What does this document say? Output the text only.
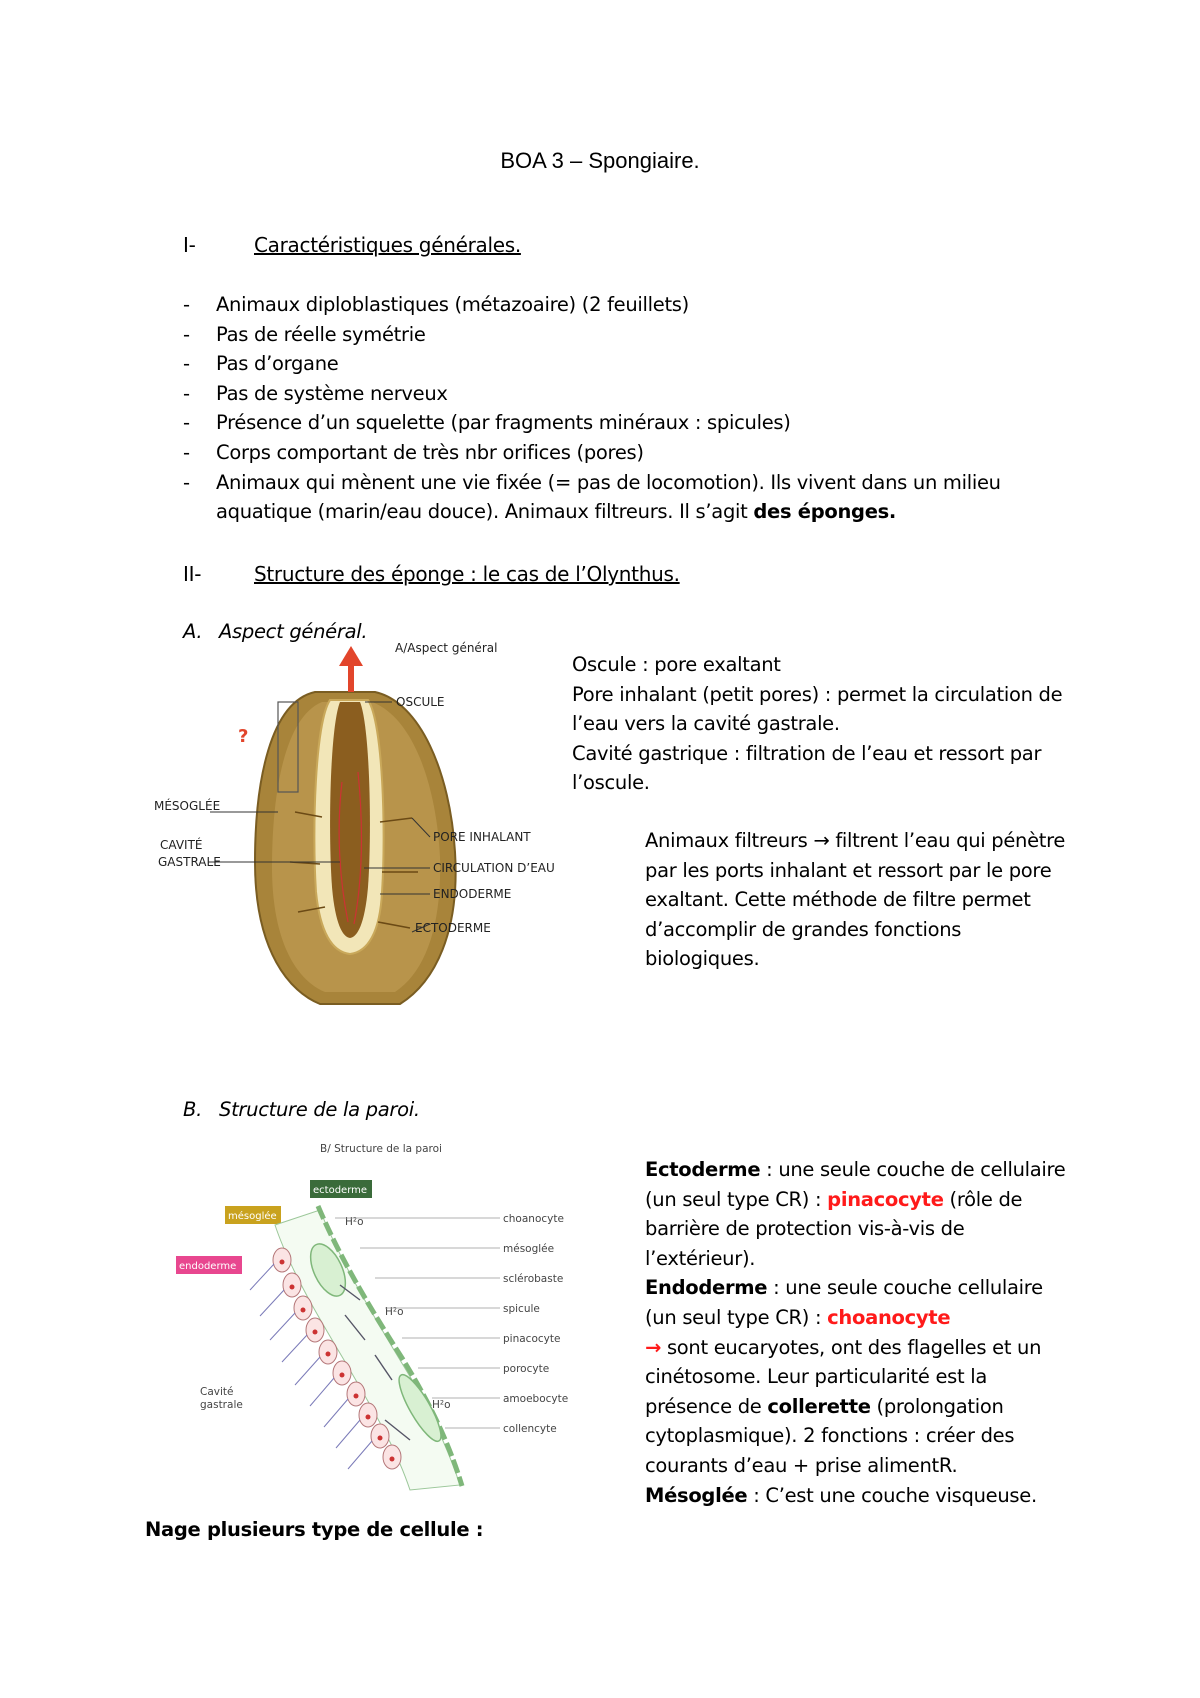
BOA 3 – Spongiaire.
I-	Caractéristiques générales.
- Animaux diploblastiques (métazoaire) (2 feuillets)
- Pas de réelle symétrie
- Pas d’organe
- Pas de système nerveux
- Présence d’un squelette (par fragments minéraux : spicules)
- Corps comportant de très nbr orifices (pores)
- Animaux qui mènent une vie fixée (= pas de locomotion). Ils vivent dans un milieu aquatique (marin/eau douce). Animaux filtreurs. Il s’agit des éponges.
II-	Structure des éponge : le cas de l’Olynthus.
A. Aspect général.
A/Aspect général
OSCULE
?
MÉSOGLÉE
CAVITÉ
GASTRALE
PORE INHALANT
CIRCULATION D’EAU
ENDODERME
ECTODERME
Oscule : pore exaltant
Pore inhalant (petit pores) : permet la circulation de l’eau vers la cavité gastrale.
Cavité gastrique : filtration de l’eau et ressort par l’oscule.
Animaux filtreurs → filtrent l’eau qui pénètre par les ports inhalant et ressort par le pore exaltant. Cette méthode de filtre permet d’accomplir de grandes fonctions biologiques.
B. Structure de la paroi.
B/ Structure de la paroi
ectoderme
mésoglée
endoderme
H²o
H²o
H²o
Cavité
gastrale
choanocyte
mésoglée
sclérobaste
spicule
pinacocyte
porocyte
amoebocyte
collencyte
Ectoderme : une seule couche de cellulaire (un seul type CR) : pinacocyte (rôle de barrière de protection vis-à-vis de l’extérieur).
Endoderme : une seule couche cellulaire (un seul type CR) : choanocyte
→ sont eucaryotes, ont des flagelles et un cinétosome. Leur particularité est la présence de collerette (prolongation cytoplasmique). 2 fonctions : créer des courants d’eau + prise alimentR.
Mésoglée : C’est une couche visqueuse.
Nage plusieurs type de cellule :
